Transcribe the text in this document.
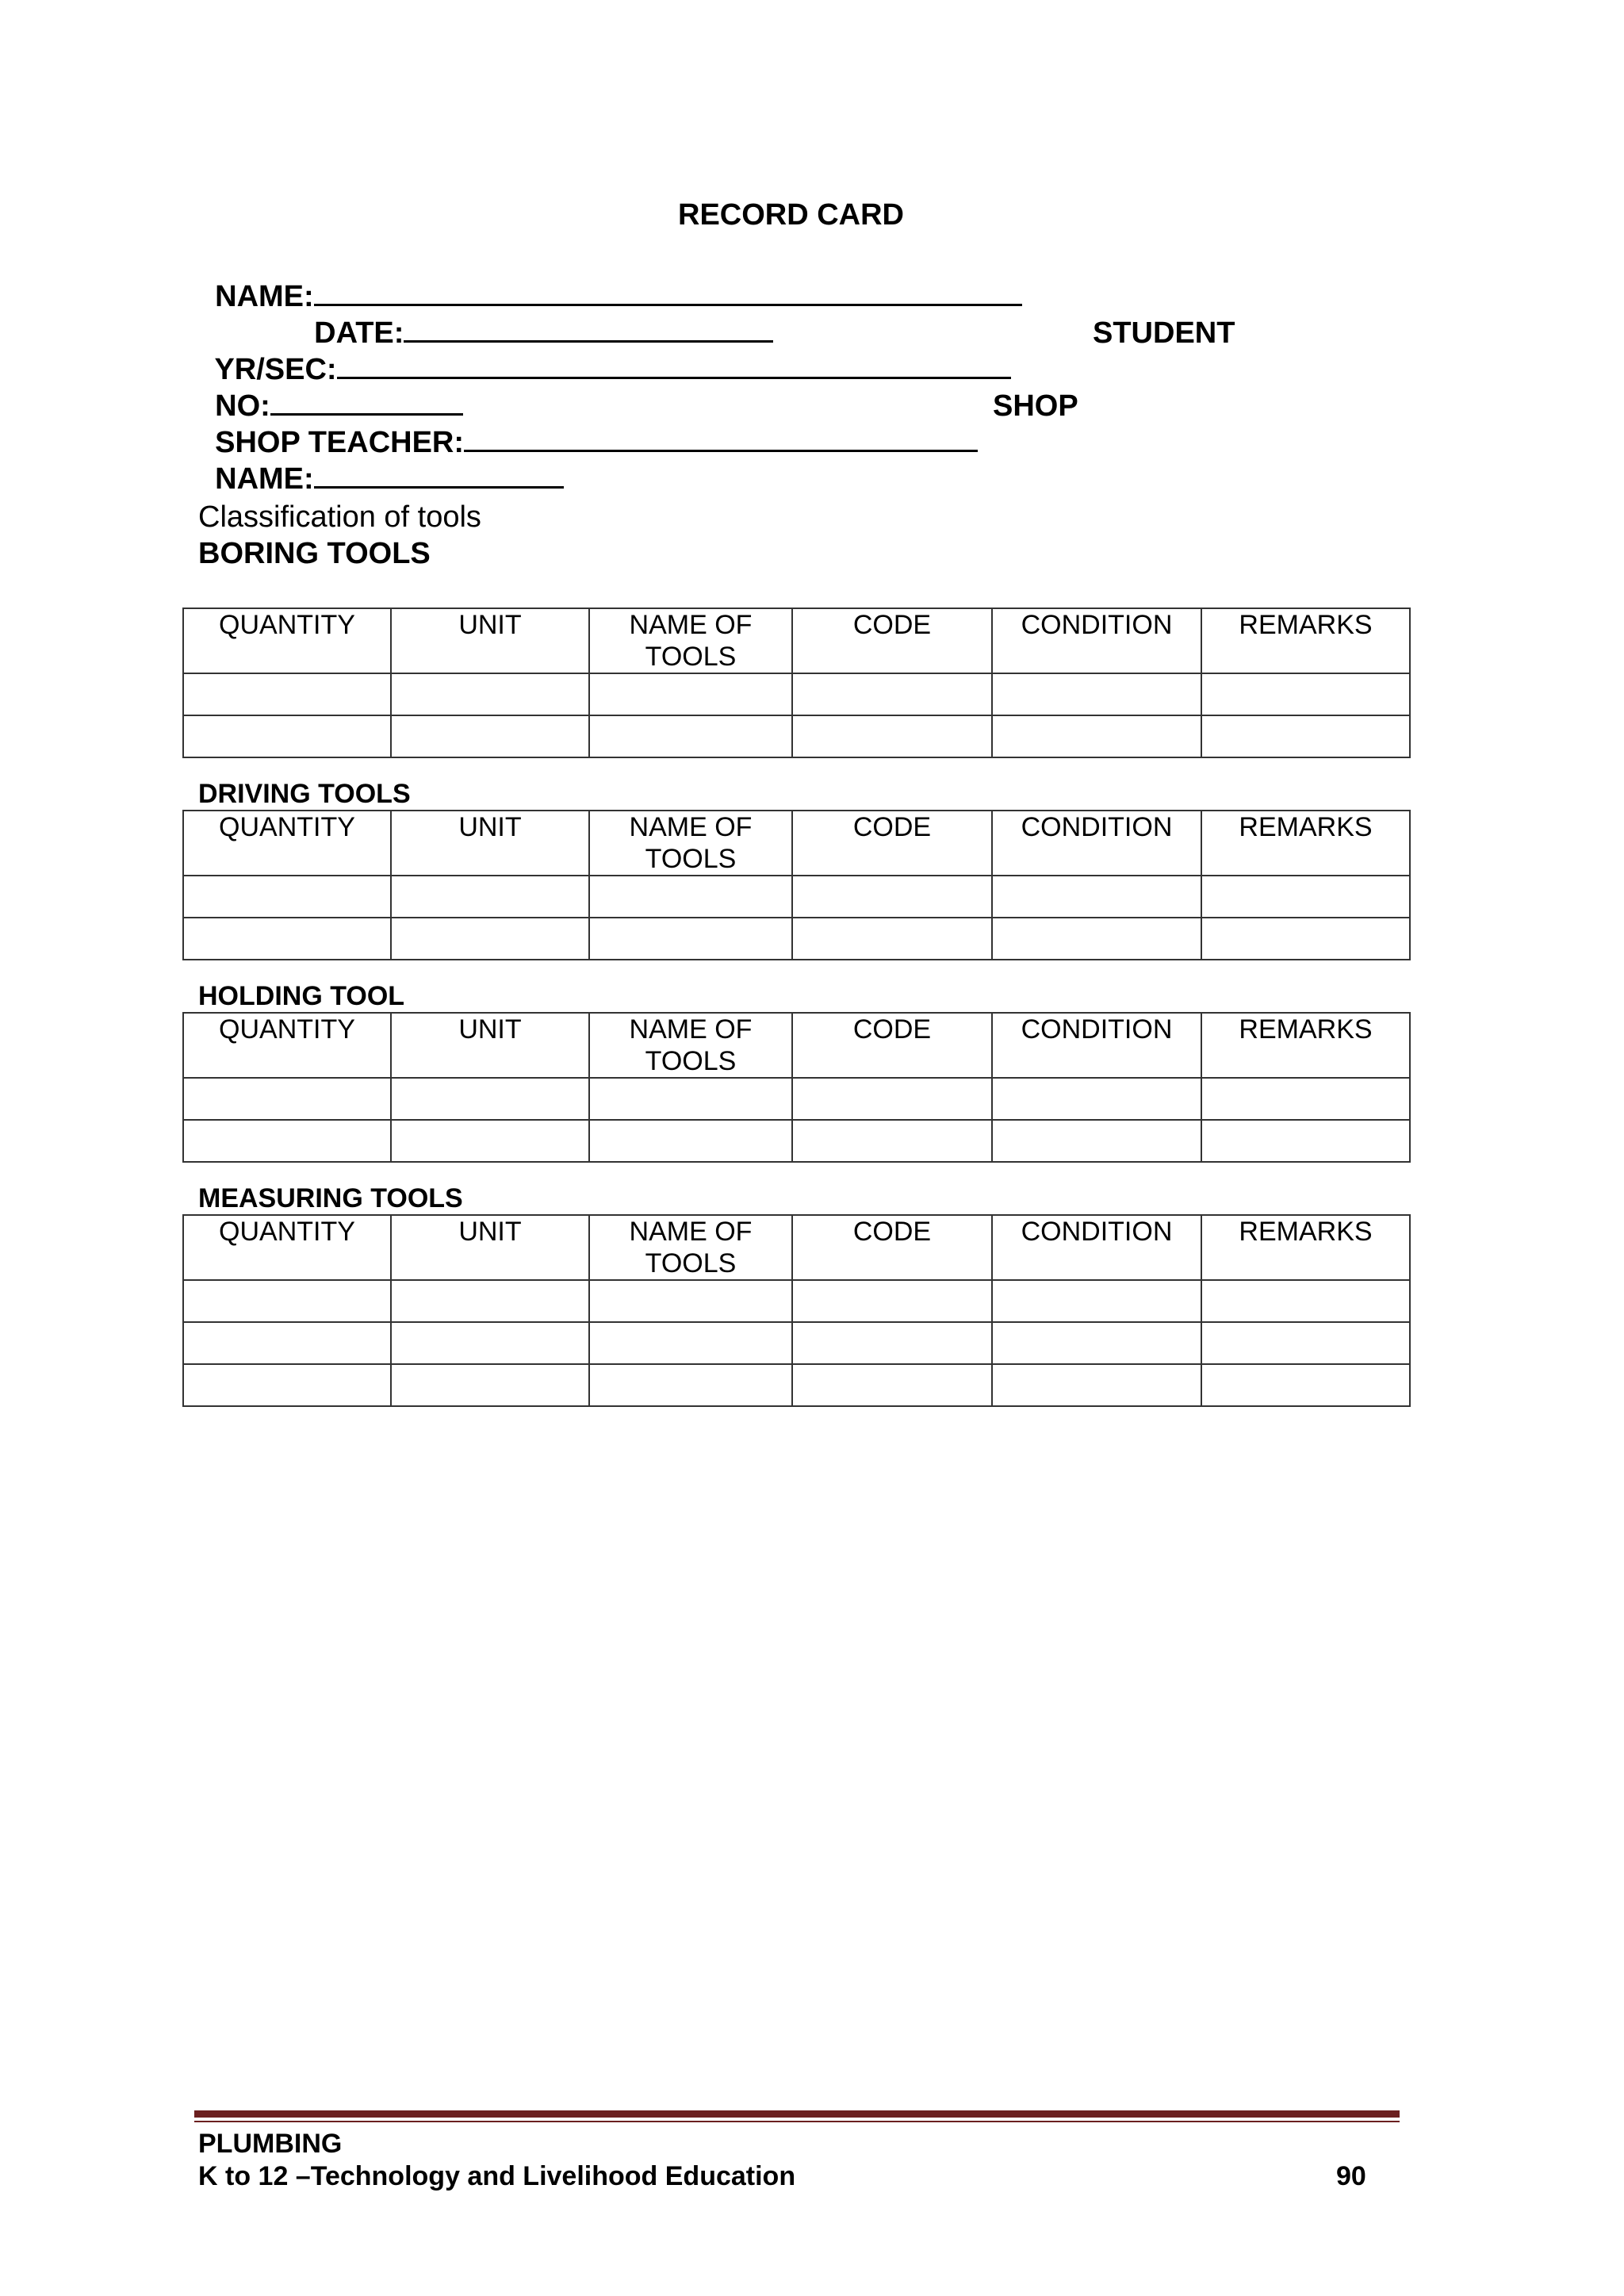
RECORD CARD

NAME:

DATE:

YR/SEC:

STUDENT

NO:

SHOP TEACHER:

SHOP

NAME:

Classification of tools
BORING TOOLS
QUANTITY	UNIT	NAME OF TOOLS	CODE	CONDITION	REMARKS

DRIVING TOOLS
QUANTITY	UNIT	NAME OF TOOLS	CODE	CONDITION	REMARKS

HOLDING TOOL
QUANTITY	UNIT	NAME OF TOOLS	CODE	CONDITION	REMARKS

MEASURING TOOLS
QUANTITY	UNIT	NAME OF TOOLS	CODE	CONDITION	REMARKS

PLUMBING
K to 12 –Technology and Livelihood Education	90
